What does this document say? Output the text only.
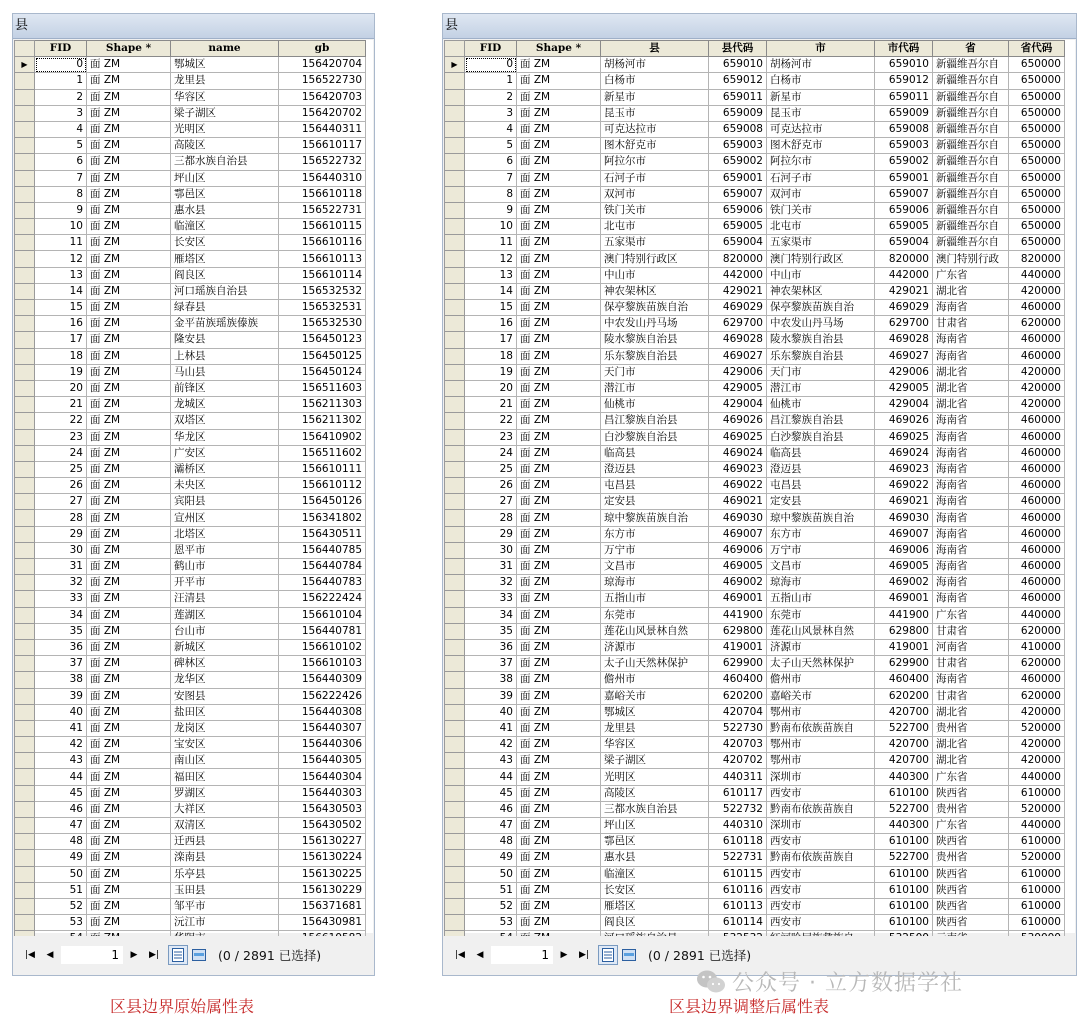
县
	FID	Shape *	name	gb
▶	0	面 ZM	鄂城区	156420704
	1	面 ZM	龙里县	156522730
	2	面 ZM	华容区	156420703
	3	面 ZM	梁子湖区	156420702
	4	面 ZM	光明区	156440311
	5	面 ZM	高陵区	156610117
	6	面 ZM	三都水族自治县	156522732
	7	面 ZM	坪山区	156440310
	8	面 ZM	鄠邑区	156610118
	9	面 ZM	惠水县	156522731
	10	面 ZM	临潼区	156610115
	11	面 ZM	长安区	156610116
	12	面 ZM	雁塔区	156610113
	13	面 ZM	阎良区	156610114
	14	面 ZM	河口瑶族自治县	156532532
	15	面 ZM	绿春县	156532531
	16	面 ZM	金平苗族瑶族傣族	156532530
	17	面 ZM	隆安县	156450123
	18	面 ZM	上林县	156450125
	19	面 ZM	马山县	156450124
	20	面 ZM	前锋区	156511603
	21	面 ZM	龙城区	156211303
	22	面 ZM	双塔区	156211302
	23	面 ZM	华龙区	156410902
	24	面 ZM	广安区	156511602
	25	面 ZM	灞桥区	156610111
	26	面 ZM	未央区	156610112
	27	面 ZM	宾阳县	156450126
	28	面 ZM	宣州区	156341802
	29	面 ZM	北塔区	156430511
	30	面 ZM	恩平市	156440785
	31	面 ZM	鹤山市	156440784
	32	面 ZM	开平市	156440783
	33	面 ZM	汪清县	156222424
	34	面 ZM	莲湖区	156610104
	35	面 ZM	台山市	156440781
	36	面 ZM	新城区	156610102
	37	面 ZM	碑林区	156610103
	38	面 ZM	龙华区	156440309
	39	面 ZM	安图县	156222426
	40	面 ZM	盐田区	156440308
	41	面 ZM	龙岗区	156440307
	42	面 ZM	宝安区	156440306
	43	面 ZM	南山区	156440305
	44	面 ZM	福田区	156440304
	45	面 ZM	罗湖区	156440303
	46	面 ZM	大祥区	156430503
	47	面 ZM	双清区	156430502
	48	面 ZM	迁西县	156130227
	49	面 ZM	滦南县	156130224
	50	面 ZM	乐亭县	156130225
	51	面 ZM	玉田县	156130229
	52	面 ZM	邹平市	156371681
	53	面 ZM	沅江市	156430981

|◀	◀	1	▶	▶|	(0 / 2891 已选择)
县
	FID	Shape *	县	县代码	市	市代码	省	省代码
▶	0	面 ZM	胡杨河市	659010	胡杨河市	659010	新疆维吾尔自	650000
	1	面 ZM	白杨市	659012	白杨市	659012	新疆维吾尔自	650000
	2	面 ZM	新星市	659011	新星市	659011	新疆维吾尔自	650000
	3	面 ZM	昆玉市	659009	昆玉市	659009	新疆维吾尔自	650000
	4	面 ZM	可克达拉市	659008	可克达拉市	659008	新疆维吾尔自	650000
	5	面 ZM	图木舒克市	659003	图木舒克市	659003	新疆维吾尔自	650000
	6	面 ZM	阿拉尔市	659002	阿拉尔市	659002	新疆维吾尔自	650000
	7	面 ZM	石河子市	659001	石河子市	659001	新疆维吾尔自	650000
	8	面 ZM	双河市	659007	双河市	659007	新疆维吾尔自	650000
	9	面 ZM	铁门关市	659006	铁门关市	659006	新疆维吾尔自	650000
	10	面 ZM	北屯市	659005	北屯市	659005	新疆维吾尔自	650000
	11	面 ZM	五家渠市	659004	五家渠市	659004	新疆维吾尔自	650000
	12	面 ZM	澳门特别行政区	820000	澳门特别行政区	820000	澳门特别行政	820000
	13	面 ZM	中山市	442000	中山市	442000	广东省	440000
	14	面 ZM	神农架林区	429021	神农架林区	429021	湖北省	420000
	15	面 ZM	保亭黎族苗族自治	469029	保亭黎族苗族自治	469029	海南省	460000
	16	面 ZM	中农发山丹马场	629700	中农发山丹马场	629700	甘肃省	620000
	17	面 ZM	陵水黎族自治县	469028	陵水黎族自治县	469028	海南省	460000
	18	面 ZM	乐东黎族自治县	469027	乐东黎族自治县	469027	海南省	460000
	19	面 ZM	天门市	429006	天门市	429006	湖北省	420000
	20	面 ZM	潜江市	429005	潜江市	429005	湖北省	420000
	21	面 ZM	仙桃市	429004	仙桃市	429004	湖北省	420000
	22	面 ZM	昌江黎族自治县	469026	昌江黎族自治县	469026	海南省	460000
	23	面 ZM	白沙黎族自治县	469025	白沙黎族自治县	469025	海南省	460000
	24	面 ZM	临高县	469024	临高县	469024	海南省	460000
	25	面 ZM	澄迈县	469023	澄迈县	469023	海南省	460000
	26	面 ZM	屯昌县	469022	屯昌县	469022	海南省	460000
	27	面 ZM	定安县	469021	定安县	469021	海南省	460000
	28	面 ZM	琼中黎族苗族自治	469030	琼中黎族苗族自治	469030	海南省	460000
	29	面 ZM	东方市	469007	东方市	469007	海南省	460000
	30	面 ZM	万宁市	469006	万宁市	469006	海南省	460000
	31	面 ZM	文昌市	469005	文昌市	469005	海南省	460000
	32	面 ZM	琼海市	469002	琼海市	469002	海南省	460000
	33	面 ZM	五指山市	469001	五指山市	469001	海南省	460000
	34	面 ZM	东莞市	441900	东莞市	441900	广东省	440000
	35	面 ZM	莲花山风景林自然	629800	莲花山风景林自然	629800	甘肃省	620000
	36	面 ZM	济源市	419001	济源市	419001	河南省	410000
	37	面 ZM	太子山天然林保护	629900	太子山天然林保护	629900	甘肃省	620000
	38	面 ZM	儋州市	460400	儋州市	460400	海南省	460000
	39	面 ZM	嘉峪关市	620200	嘉峪关市	620200	甘肃省	620000
	40	面 ZM	鄂城区	420704	鄂州市	420700	湖北省	420000
	41	面 ZM	龙里县	522730	黔南布依族苗族自	522700	贵州省	520000
	42	面 ZM	华容区	420703	鄂州市	420700	湖北省	420000
	43	面 ZM	梁子湖区	420702	鄂州市	420700	湖北省	420000
	44	面 ZM	光明区	440311	深圳市	440300	广东省	440000
	45	面 ZM	高陵区	610117	西安市	610100	陕西省	610000
	46	面 ZM	三都水族自治县	522732	黔南布依族苗族自	522700	贵州省	520000
	47	面 ZM	坪山区	440310	深圳市	440300	广东省	440000
	48	面 ZM	鄠邑区	610118	西安市	610100	陕西省	610000
	49	面 ZM	惠水县	522731	黔南布依族苗族自	522700	贵州省	520000
	50	面 ZM	临潼区	610115	西安市	610100	陕西省	610000
	51	面 ZM	长安区	610116	西安市	610100	陕西省	610000
	52	面 ZM	雁塔区	610113	西安市	610100	陕西省	610000
	53	面 ZM	阎良区	610114	西安市	610100	陕西省	610000

|◀	◀	1	▶	▶|	(0 / 2891 已选择)
公众号 · 立方数据学社
区县边界原始属性表	区县边界调整后属性表
